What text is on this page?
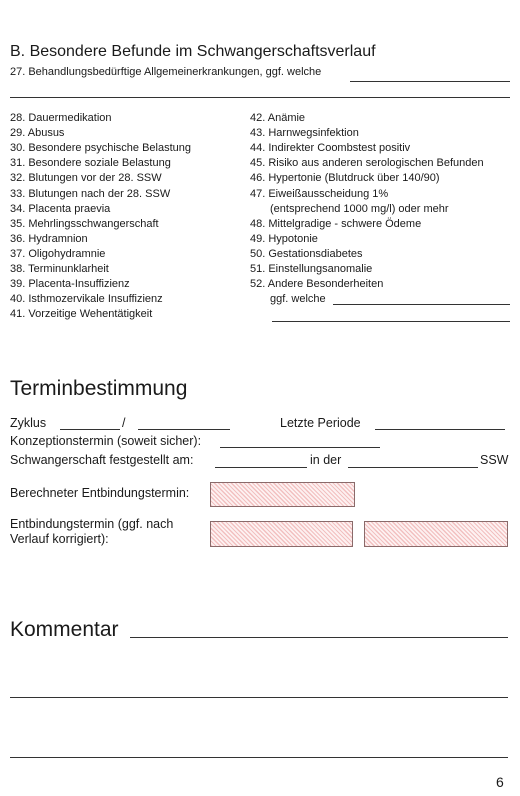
B. Besondere Befunde im Schwangerschaftsverlauf
27. Behandlungsbedürftige Allgemeinerkrankungen, ggf. welche
28. Dauermedikation
29. Abusus
30. Besondere psychische Belastung
31. Besondere soziale Belastung
32. Blutungen vor der 28. SSW
33. Blutungen nach der 28. SSW
34. Placenta praevia
35. Mehrlingsschwangerschaft
36. Hydramnion
37. Oligohydramnie
38. Terminunklarheit
39. Placenta-Insuffizienz
40. Isthmozervikale Insuffizienz
41. Vorzeitige Wehentätigkeit
42. Anämie
43. Harnwegsinfektion
44. Indirekter Coombstest positiv
45. Risiko aus anderen serologischen Befunden
46. Hypertonie (Blutdruck über 140/90)
47. Eiweißausscheidung 1%
(entsprechend 1000 mg/l) oder mehr
48. Mittelgradige - schwere Ödeme
49. Hypotonie
50. Gestationsdiabetes
51. Einstellungsanomalie
52. Andere Besonderheiten
ggf. welche
Terminbestimmung
Zyklus	/	Letzte Periode
Konzeptionstermin (soweit sicher):
Schwangerschaft festgestellt am:	in der	SSW
Berechneter Entbindungstermin:
Entbindungstermin (ggf. nach
Verlauf korrigiert):
Kommentar
6
